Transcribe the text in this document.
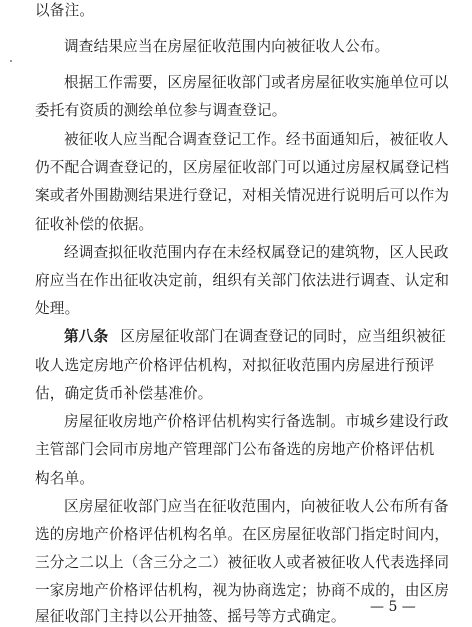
以备注。
调查结果应当在房屋征收范围内向被征收人公布。
根据工作需要，区房屋征收部门或者房屋征收实施单位可以
委托有资质的测绘单位参与调查登记。
被征收人应当配合调查登记工作。经书面通知后，被征收人
仍不配合调查登记的，区房屋征收部门可以通过房屋权属登记档
案或者外围勘测结果进行登记，对相关情况进行说明后可以作为
征收补偿的依据。
经调查拟征收范围内存在未经权属登记的建筑物，区人民政
府应当在作出征收决定前，组织有关部门依法进行调查、认定和
处理。
第八条 区房屋征收部门在调查登记的同时，应当组织被征
收人选定房地产价格评估机构，对拟征收范围内房屋进行预评
估，确定货币补偿基准价。
房屋征收房地产价格评估机构实行备选制。市城乡建设行政
主管部门会同市房地产管理部门公布备选的房地产价格评估机
构名单。
区房屋征收部门应当在征收范围内，向被征收人公布所有备
选的房地产价格评估机构名单。在区房屋征收部门指定时间内，
三分之二以上（含三分之二）被征收人或者被征收人代表选择同
一家房地产价格评估机构，视为协商选定；协商不成的，由区房
屋征收部门主持以公开抽签、摇号等方式确定。
— 5 —
